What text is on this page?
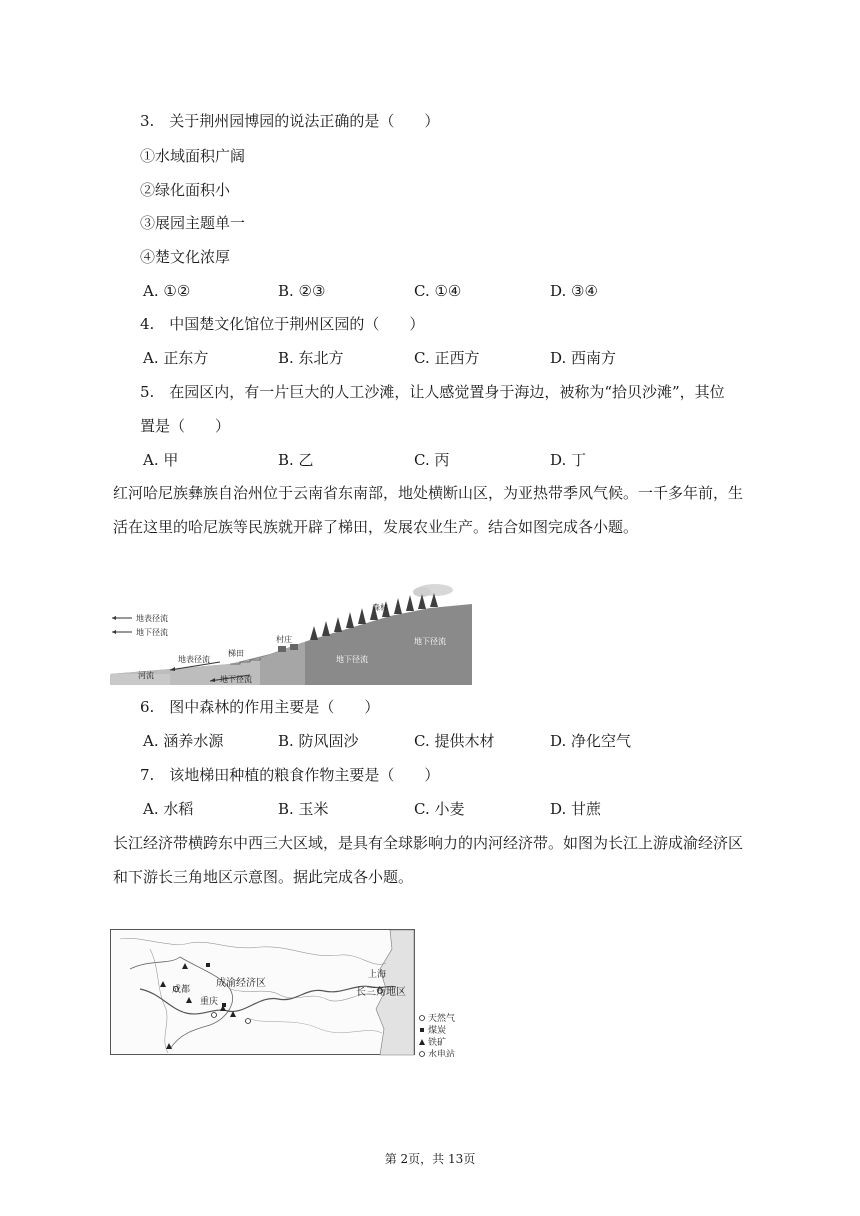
3.　关于荆州园博园的说法正确的是（　　）
①水域面积广阔
②绿化面积小
③展园主题单一
④楚文化浓厚
A. ①②	B. ②③	C. ①④	D. ③④
4.　中国楚文化馆位于荆州区园的（　　）
A. 正东方	B. 东北方	C. 正西方	D. 西南方
5.　在园区内，有一片巨大的人工沙滩，让人感觉置身于海边，被称为“拾贝沙滩”，其位
置是（　　）
A. 甲	B. 乙	C. 丙	D. 丁
红河哈尼族彝族自治州位于云南省东南部，地处横断山区，为亚热带季风气候。一千多年前，生
活在这里的哈尼族等民族就开辟了梯田，发展农业生产。结合如图完成各小题。
地表径流
地下径流
河流
地表径流
梯田
地下径流
村庄
森林
地下径流
地下径流
6.　图中森林的作用主要是（　　）
A. 涵养水源	B. 防风固沙	C. 提供木材	D. 净化空气
7.　该地梯田种植的粮食作物主要是（　　）
A. 水稻	B. 玉米	C. 小麦	D. 甘蔗
长江经济带横跨东中西三大区域，是具有全球影响力的内河经济带。如图为长江上游成渝经济区
和下游长三角地区示意图。据此完成各小题。
成都
成渝经济区
重庆
上海
长三角地区
天然气
煤炭
铁矿
水电站
第 2页，共 13页
